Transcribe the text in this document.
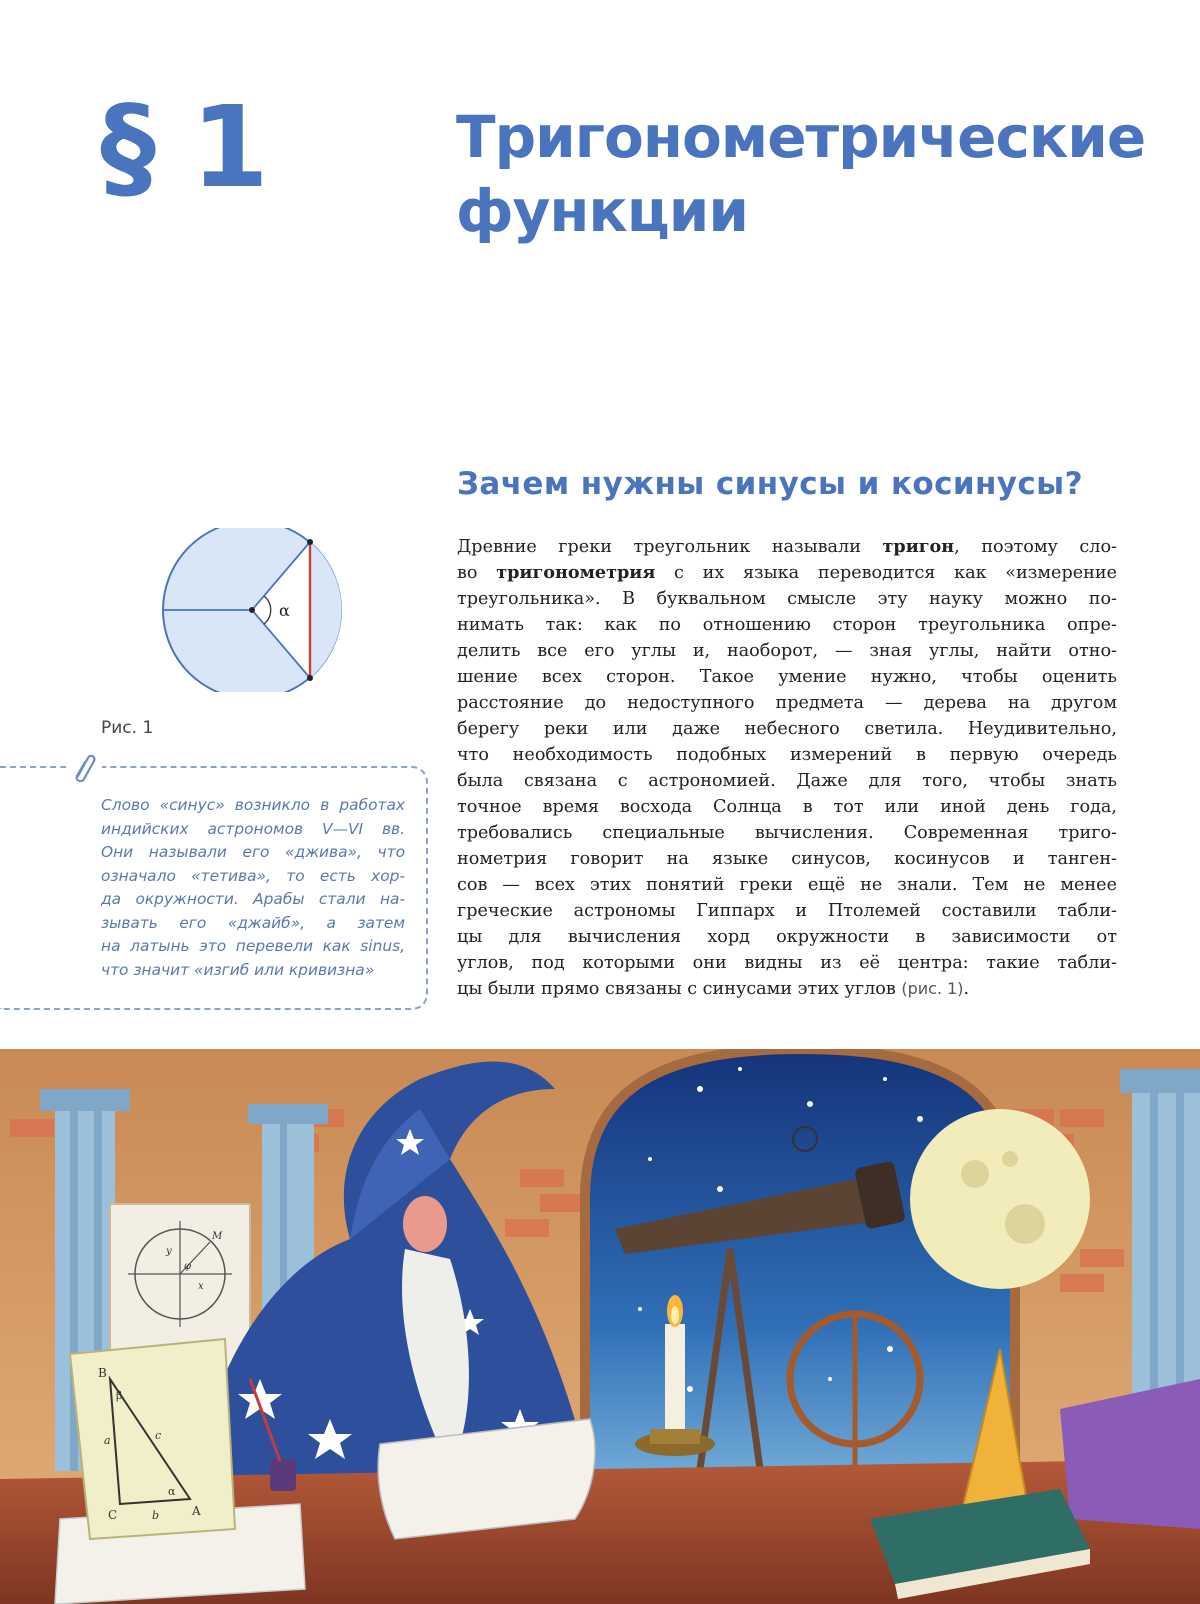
§ 1	Тригонометрические
функции
Зачем нужны синусы и косинусы?
α
Рис. 1
Слово «синус» возникло в работах
индийских астрономов V—VI вв.
Они называли его «джива», что
означало «тетива», то есть хор-
да окружности. Арабы стали на-
зывать его «джайб», а затем
на латынь это перевели как sinus,
что значит «изгиб или кривизна»
Древние греки треугольник называли тригон, поэтому сло-
во тригонометрия с их языка переводится как «измерение
треугольника». В буквальном смысле эту науку можно по-
нимать так: как по отношению сторон треугольника опре-
делить все его углы и, наоборот, — зная углы, найти отно-
шение всех сторон. Такое умение нужно, чтобы оценить
расстояние до недоступного предмета — дерева на другом
берегу реки или даже небесного светила. Неудивительно,
что необходимость подобных измерений в первую очередь
была связана с астрономией. Даже для того, чтобы знать
точное время восхода Солнца в тот или иной день года,
требовались специальные вычисления. Современная триго-
нометрия говорит на языке синусов, косинусов и танген-
сов — всех этих понятий греки ещё не знали. Тем не менее
греческие астрономы Гиппарх и Птолемей составили табли-
цы для вычисления хорд окружности в зависимости от
углов, под которыми они видны из её центра: такие табли-
цы были прямо связаны с синусами этих углов (рис. 1).
M
y
x
φ
B
C	A
a
b
c
β
α
